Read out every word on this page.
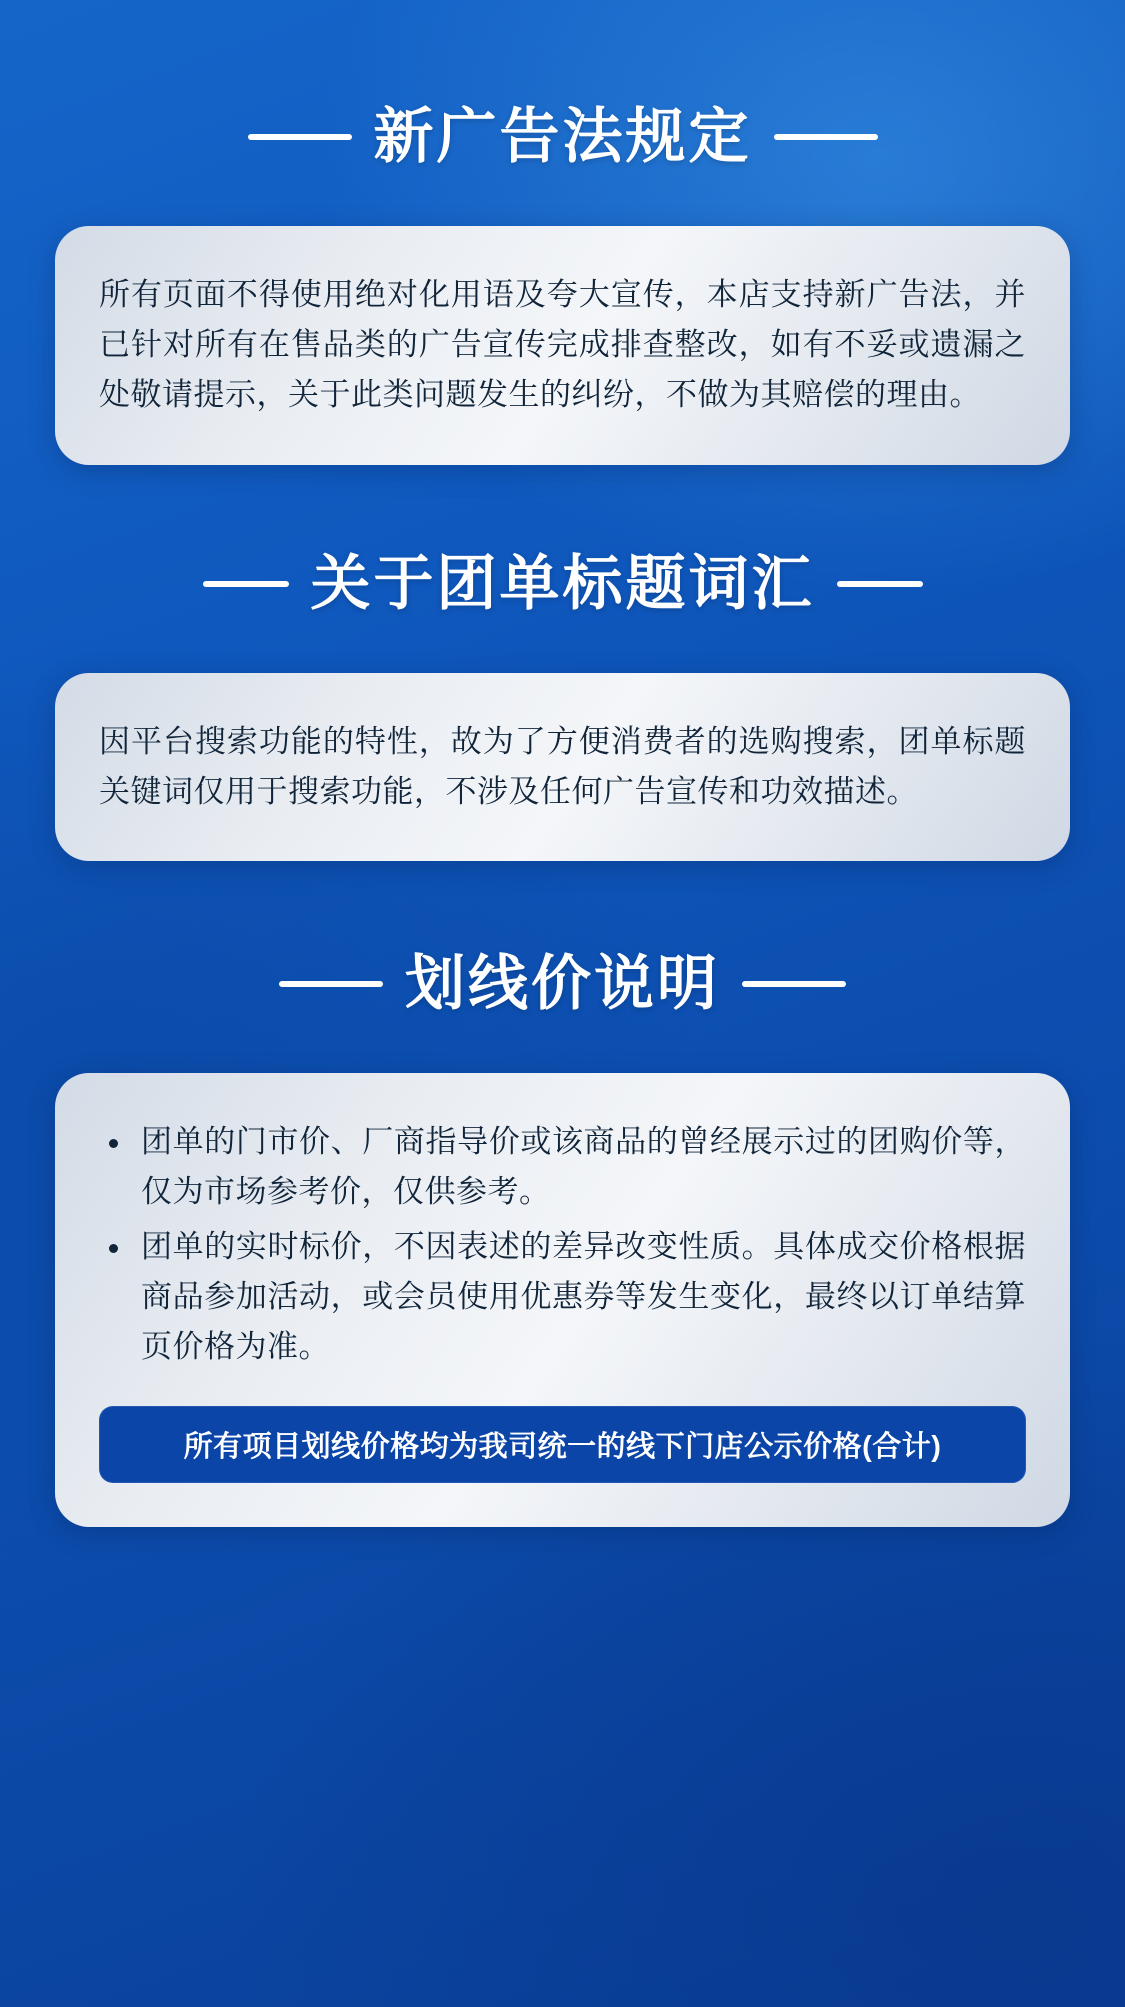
新广告法规定

所有页面不得使用绝对化用语及夸大宣传，本店支持新广告法，并已针对所有在售品类的广告宣传完成排查整改，如有不妥或遗漏之处敬请提示，关于此类问题发生的纠纷，不做为其赔偿的理由。

关于团单标题词汇

因平台搜索功能的特性，故为了方便消费者的选购搜索，团单标题关键词仅用于搜索功能，不涉及任何广告宣传和功效描述。

划线价说明
团单的门市价、厂商指导价或该商品的曾经展示过的团购价等，仅为市场参考价，仅供参考。
团单的实时标价，不因表述的差异改变性质。具体成交价格根据商品参加活动，或会员使用优惠券等发生变化，最终以订单结算页价格为准。
所有项目划线价格均为我司统一的线下门店公示价格(合计)
